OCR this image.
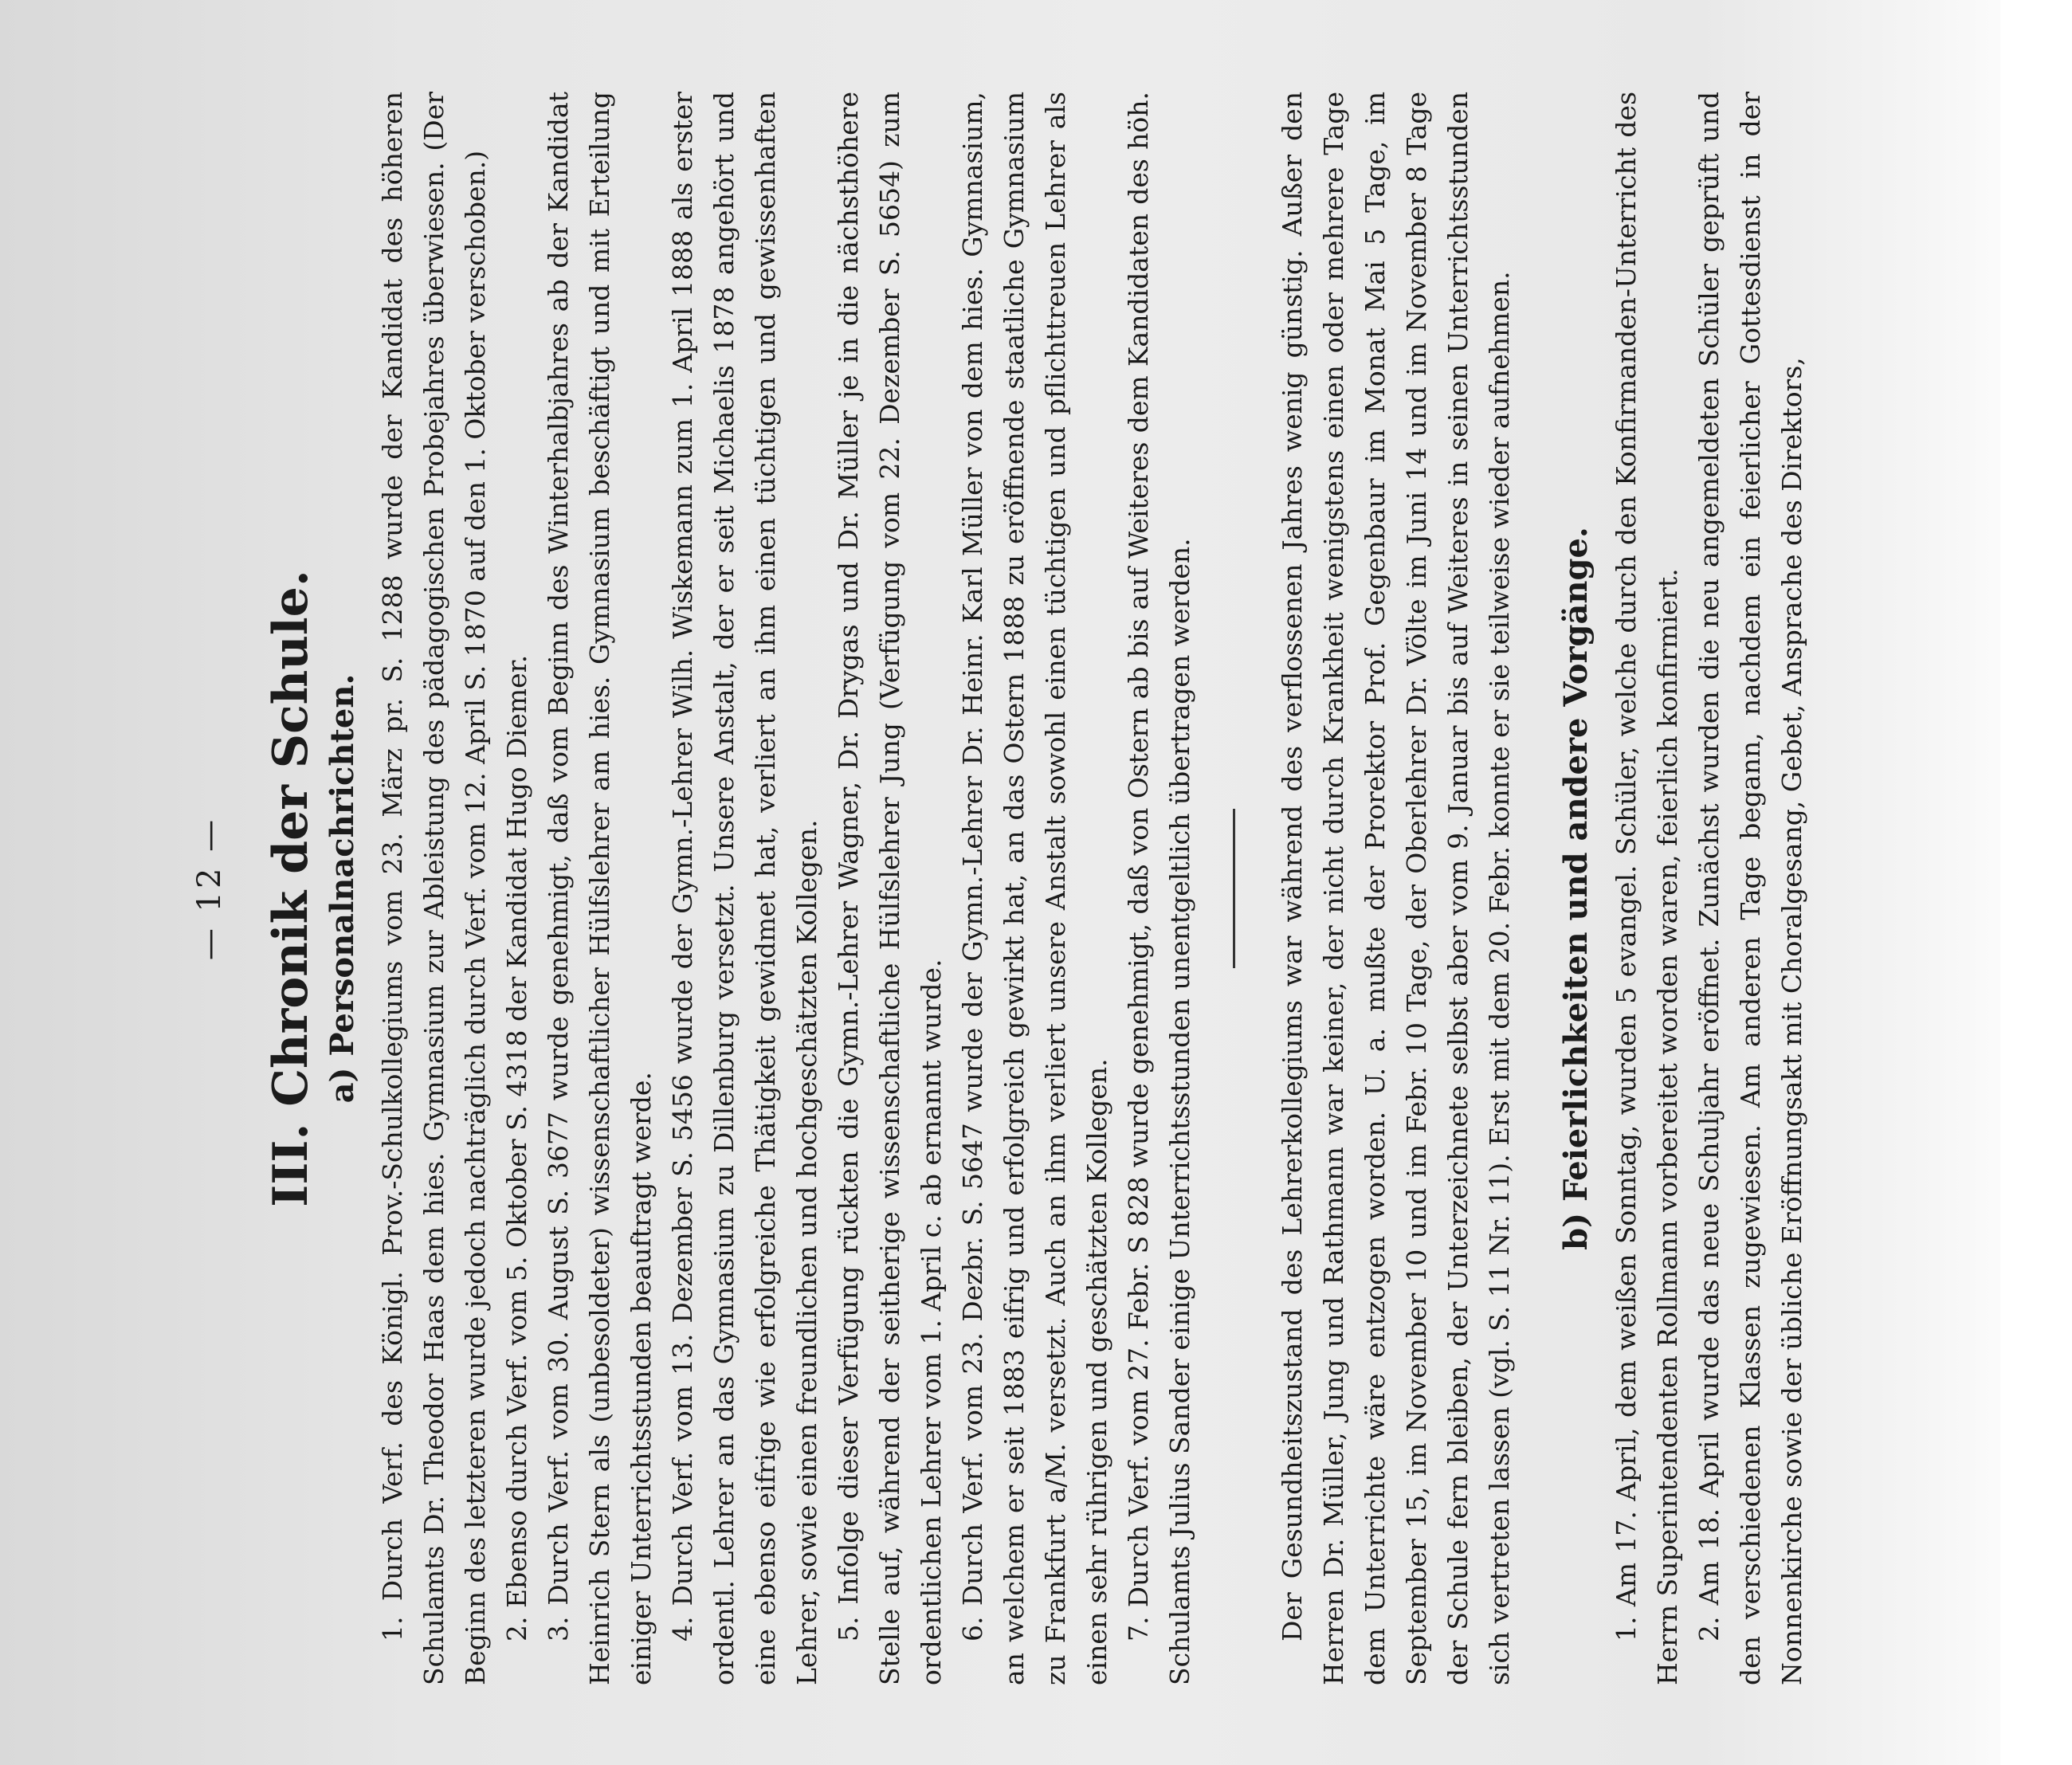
— 12 — III. Chronik der Schule. a) Personalnachrichten. 1. Durch Verf. des Königl. Prov.-Schulkollegiums vom 23. März pr. S. 1288 wurde der Kandidat des höheren Schulamts Dr. Theodor Haas dem hies. Gymnasium zur Ableistung des pädagogischen Probejahres überwiesen. (Der Beginn des letzteren wurde jedoch nachträglich durch Verf. vom 12. April S. 1870 auf den 1. Oktober verschoben.) 2. Ebenso durch Verf. vom 5. Oktober S. 4318 der Kandidat Hugo Diemer. 3. Durch Verf. vom 30. August S. 3677 wurde genehmigt, daß vom Beginn des Winterhalbjahres ab der Kandidat Heinrich Stern als (unbesoldeter) wissenschaftlicher Hülfslehrer am hies. Gymnasium beschäftigt und mit Erteilung einiger Unterrichtsstunden beauftragt werde. 4. Durch Verf. vom 13. Dezember S. 5456 wurde der Gymn.-Lehrer Wilh. Wiskemann zum 1. April 1888 als erster ordentl. Lehrer an das Gymnasium zu Dillenburg versetzt. Unsere Anstalt, der er seit Michaelis 1878 angehört und eine ebenso eifrige wie erfolgreiche Thätigkeit gewidmet hat, verliert an ihm einen tüchtigen und gewissenhaften Lehrer, sowie einen freundlichen und hochgeschätzten Kollegen. 5. Infolge dieser Verfügung rückten die Gymn.-Lehrer Wagner, Dr. Drygas und Dr. Müller je in die nächsthöhere Stelle auf, während der seitherige wissenschaftliche Hülfslehrer Jung (Verfügung vom 22. Dezember S. 5654) zum ordentlichen Lehrer vom 1. April c. ab ernannt wurde. 6. Durch Verf. vom 23. Dezbr. S. 5647 wurde der Gymn.-Lehrer Dr. Heinr. Karl Müller von dem hies. Gymnasium, an welchem er seit 1883 eifrig und erfolgreich gewirkt hat, an das Ostern 1888 zu eröffnende staatliche Gymnasium zu Frankfurt a/M. versetzt. Auch an ihm verliert unsere Anstalt sowohl einen tüchtigen und pflichttreuen Lehrer als einen sehr rührigen und geschätzten Kollegen. 7. Durch Verf. vom 27. Febr. S 828 wurde genehmigt, daß von Ostern ab bis auf Weiteres dem Kandidaten des höh. Schulamts Julius Sander einige Unterrichtsstunden unentgeltlich übertragen werden.	Der Gesundheitszustand des Lehrerkollegiums war während des verflossenen Jahres wenig günstig. Außer den Herren Dr. Müller, Jung und Rathmann war keiner, der nicht durch Krankheit wenigstens einen oder mehrere Tage dem Unterrichte wäre entzogen worden. U. a. mußte der Prorektor Prof. Gegenbaur im Monat Mai 5 Tage, im September 15, im November 10 und im Febr. 10 Tage, der Oberlehrer Dr. Völte im Juni 14 und im November 8 Tage der Schule fern bleiben, der Unterzeichnete selbst aber vom 9. Januar bis auf Weiteres in seinen Unterrichtsstunden sich vertreten lassen (vgl. S. 11 Nr. 11). Erst mit dem 20. Febr. konnte er sie teilweise wieder aufnehmen. b) Feierlichkeiten und andere Vorgänge. 1. Am 17. April, dem weißen Sonntag, wurden 5 evangel. Schüler, welche durch den Konfirmanden-Unterricht des Herrn Superintendenten Rollmann vorbereitet worden waren, feierlich konfirmiert. 2. Am 18. April wurde das neue Schuljahr eröffnet. Zunächst wurden die neu angemeldeten Schüler geprüft und den verschiedenen Klassen zugewiesen. Am anderen Tage begann, nachdem ein feierlicher Gottesdienst in der Nonnenkirche sowie der übliche Eröffnungsakt mit Choralgesang, Gebet, Ansprache des Direktors,
